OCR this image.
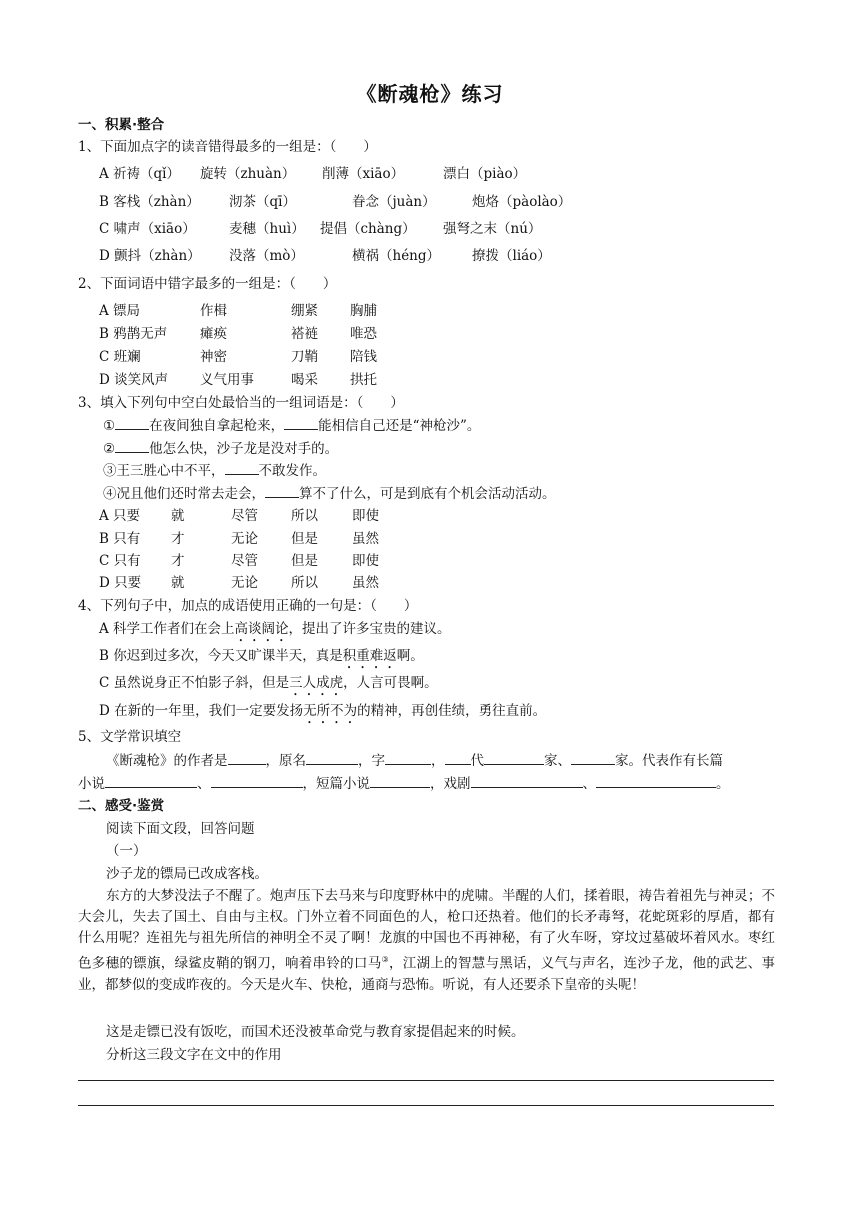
《断魂枪》练习
一、积累·整合
1、下面加点字的读音错得最多的一组是：（　　）
A 祈祷（qǐ） 旋转（zhuàn） 削薄（xiāo）	漂白（piào）
B 客栈（zhàn） 沏茶（qī）	眷念（juàn）	炮烙（pàolào）
C 啸声（xiāo） 麦穗（huì） 提倡（chàng） 强弩之末（nú）
D 颤抖（zhàn） 没落（mò）	横祸（héng） 撩拨（liáo）
2、下面词语中错字最多的一组是：（　　）
A 镖局	作楫	绷紧 胸脯
B 鸦鹊无声 瘫痪	褡裢 唯恐
C 班斓	神密	刀鞘 陪钱
D 谈笑风声 义气用事	喝采 拱托
3、填入下列句中空白处最恰当的一组词语是：（　　）
①	在夜间独自拿起枪来，	能相信自己还是“神枪沙”。
②	他怎么快，沙子龙是没对手的。
③王三胜心中不平，	不敢发作。
④况且他们还时常去走会，	算不了什么，可是到底有个机会活动活动。
A 只要 就	尽管 所以	即使
B 只有 才	无论 但是	虽然
C 只有 才	尽管 但是	即使
D 只要 就	无论 所以	虽然
4、下列句子中，加点的成语使用正确的一句是：（　　）
A 科学工作者们在会上高谈阔论，提出了许多宝贵的建议。
B 你迟到过多次，今天又旷课半天，真是积重难返啊。
C 虽然说身正不怕影子斜，但是三人成虎，人言可畏啊。
D 在新的一年里，我们一定要发扬无所不为的精神，再创佳绩，勇往直前。
5、文学常识填空
《断魂枪》的作者是	，原名	，字	， 代	家、	家。代表作有长篇
小说	、	，短篇小说	，戏剧	、	。
二、感受·鉴赏
阅读下面文段，回答问题
（一）
沙子龙的镖局已改成客栈。
东方的大梦没法子不醒了。炮声压下去马来与印度野林中的虎啸。半醒的人们，揉着眼，祷告着祖先与神灵；不大会儿，失去了国土、自由与主权。门外立着不同面色的人，枪口还热着。他们的长矛毒弩，花蛇斑彩的厚盾，都有什么用呢？连祖先与祖先所信的神明全不灵了啊！龙旗的中国也不再神秘，有了火车呀，穿坟过墓破坏着风水。枣红色多穗的镖旗，绿鲨皮鞘的钢刀，响着串铃的口马③，江湖上的智慧与黑话，义气与声名，连沙子龙，他的武艺、事业，都梦似的变成昨夜的。今天是火车、快枪，通商与恐怖。听说，有人还要杀下皇帝的头呢！
这是走镖已没有饭吃，而国术还没被革命党与教育家提倡起来的时候。
分析这三段文字在文中的作用
